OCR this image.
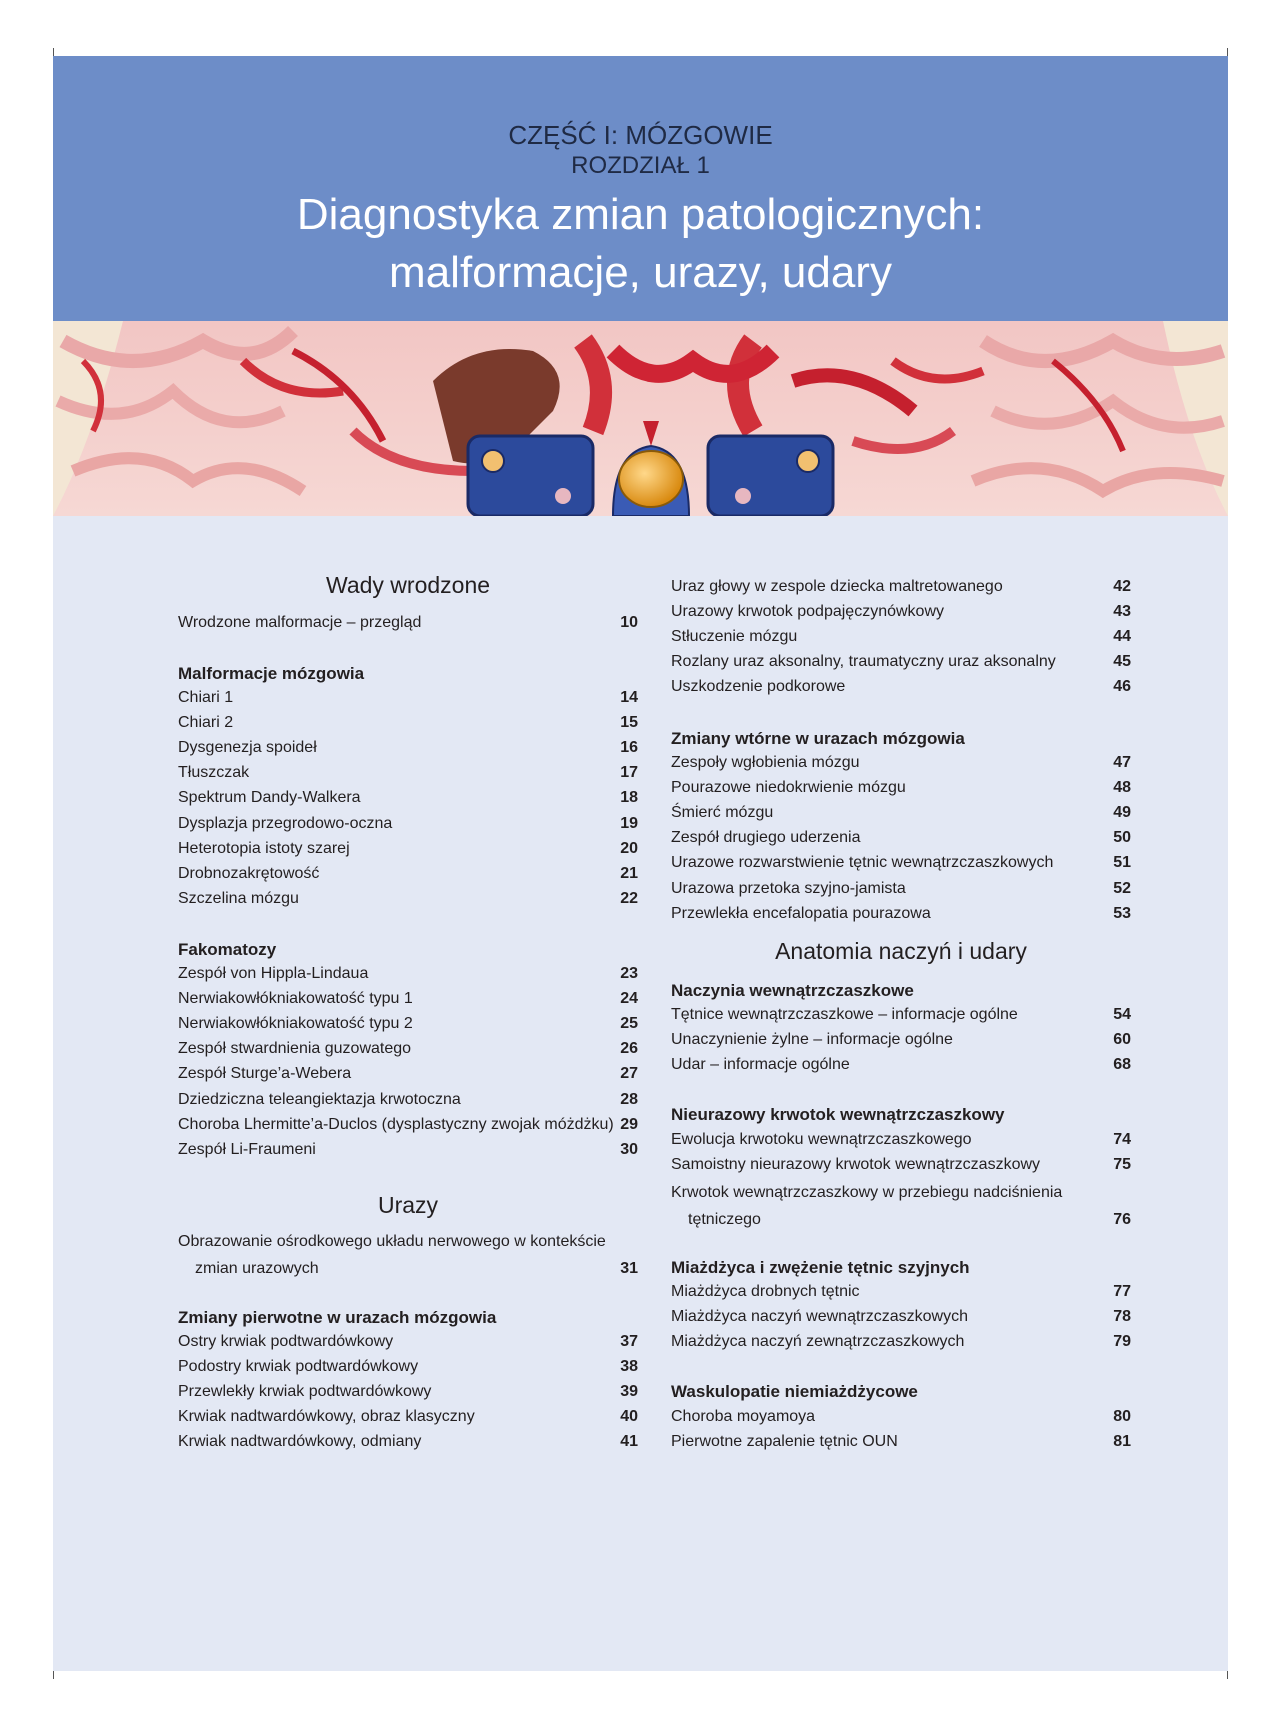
CZĘŚĆ I: MÓZGOWIE
ROZDZIAŁ 1
Diagnostyka zmian patologicznych:
malformacje, urazy, udary
Wady wrodzone
Wrodzone malformacje – przegląd	10
Malformacje mózgowia
Chiari 1	14
Chiari 2	15
Dysgenezja spoideł	16
Tłuszczak	17
Spektrum Dandy-Walkera	18
Dysplazja przegrodowo-oczna	19
Heterotopia istoty szarej	20
Drobnozakrętowość	21
Szczelina mózgu	22
Fakomatozy
Zespół von Hippla-Lindaua	23
Nerwiakowłókniakowatość typu 1	24
Nerwiakowłókniakowatość typu 2	25
Zespół stwardnienia guzowatego	26
Zespół Sturge’a-Webera	27
Dziedziczna teleangiektazja krwotoczna	28
Choroba Lhermitte’a-Duclos (dysplastyczny zwojak móżdżku) 29
Zespół Li-Fraumeni	30
Urazy
Obrazowanie ośrodkowego układu nerwowego w kontekście
zmian urazowych	31
Zmiany pierwotne w urazach mózgowia
Ostry krwiak podtwardówkowy	37
Podostry krwiak podtwardówkowy	38
Przewlekły krwiak podtwardówkowy	39
Krwiak nadtwardówkowy, obraz klasyczny	40
Krwiak nadtwardówkowy, odmiany	41
Uraz głowy w zespole dziecka maltretowanego	42
Urazowy krwotok podpajęczynówkowy	43
Stłuczenie mózgu	44
Rozlany uraz aksonalny, traumatyczny uraz aksonalny	45
Uszkodzenie podkorowe	46
Zmiany wtórne w urazach mózgowia
Zespoły wgłobienia mózgu	47
Pourazowe niedokrwienie mózgu	48
Śmierć mózgu	49
Zespół drugiego uderzenia	50
Urazowe rozwarstwienie tętnic wewnątrzczaszkowych	51
Urazowa przetoka szyjno-jamista	52
Przewlekła encefalopatia pourazowa	53
Anatomia naczyń i udary
Naczynia wewnątrzczaszkowe
Tętnice wewnątrzczaszkowe – informacje ogólne	54
Unaczynienie żylne – informacje ogólne	60
Udar – informacje ogólne	68
Nieurazowy krwotok wewnątrzczaszkowy
Ewolucja krwotoku wewnątrzczaszkowego	74
Samoistny nieurazowy krwotok wewnątrzczaszkowy	75
Krwotok wewnątrzczaszkowy w przebiegu nadciśnienia
tętniczego	76
Miażdżyca i zwężenie tętnic szyjnych
Miażdżyca drobnych tętnic	77
Miażdżyca naczyń wewnątrzczaszkowych	78
Miażdżyca naczyń zewnątrzczaszkowych	79
Waskulopatie niemiażdżycowe
Choroba moyamoya	80
Pierwotne zapalenie tętnic OUN	81
